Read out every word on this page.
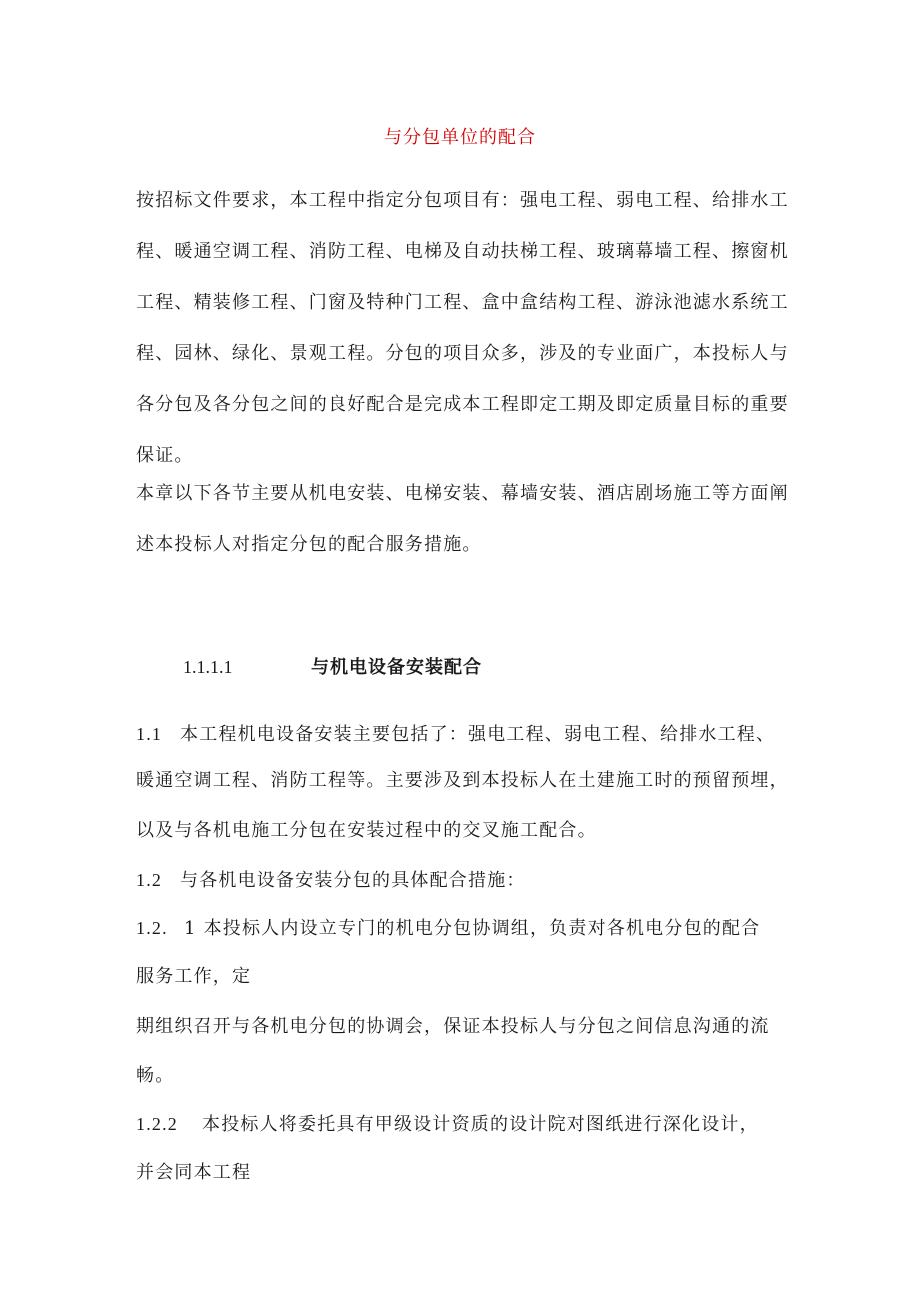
与分包单位的配合

按招标文件要求，本工程中指定分包项目有：强电工程、弱电工程、给排水工程、暖通空调工程、消防工程、电梯及自动扶梯工程、玻璃幕墙工程、擦窗机工程、精装修工程、门窗及特种门工程、盒中盒结构工程、游泳池滤水系统工程、园林、绿化、景观工程。分包的项目众多，涉及的专业面广，本投标人与各分包及各分包之间的良好配合是完成本工程即定工期及即定质量目标的重要保证。

本章以下各节主要从机电安装、电梯安装、幕墙安装、酒店剧场施工等方面阐述本投标人对指定分包的配合服务措施。

1.1.1.1	与机电设备安装配合
1.1 本工程机电设备安装主要包括了：强电工程、弱电工程、给排水工程、
暖通空调工程、消防工程等。主要涉及到本投标人在土建施工时的预留预埋，
以及与各机电施工分包在安装过程中的交叉施工配合。
1.2 与各机电设备安装分包的具体配合措施：
1.2. 1 本投标人内设立专门的机电分包协调组，负责对各机电分包的配合
服务工作，定
期组织召开与各机电分包的协调会，保证本投标人与分包之间信息沟通的流
畅。
1.2.2 本投标人将委托具有甲级设计资质的设计院对图纸进行深化设计，
并会同本工程
